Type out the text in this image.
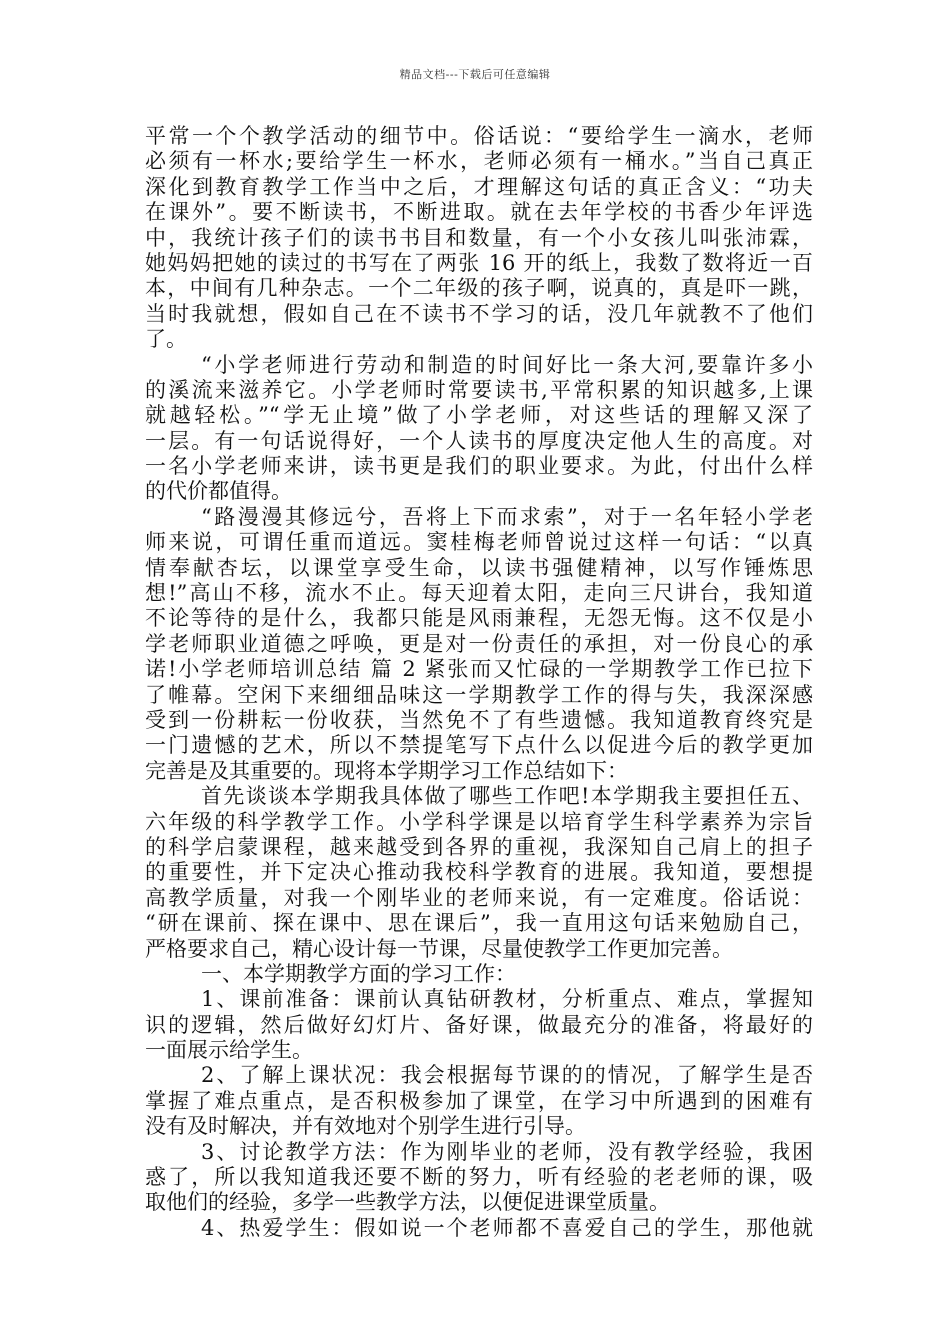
精品文档---下载后可任意编辑
平常一个个教学活动的细节中。俗话说：“要给学生一滴水，老师
必须有一杯水;要给学生一杯水，老师必须有一桶水。”当自己真正
深化到教育教学工作当中之后，才理解这句话的真正含义：“功夫
在课外”。要不断读书，不断进取。就在去年学校的书香少年评选
中，我统计孩子们的读书书目和数量，有一个小女孩儿叫张沛霖，
她妈妈把她的读过的书写在了两张 16 开的纸上，我数了数将近一百
本，中间有几种杂志。一个二年级的孩子啊，说真的，真是吓一跳，
当时我就想，假如自己在不读书不学习的话，没几年就教不了他们
了。
“小学老师进行劳动和制造的时间好比一条大河,要靠许多小
的溪流来滋养它。小学老师时常要读书,平常积累的知识越多,上课
就越轻松。”“学无止境”做了小学老师，对这些话的理解又深了
一层。有一句话说得好，一个人读书的厚度决定他人生的高度。对
一名小学老师来讲，读书更是我们的职业要求。为此，付出什么样
的代价都值得。
“路漫漫其修远兮，吾将上下而求索”，对于一名年轻小学老
师来说，可谓任重而道远。窦桂梅老师曾说过这样一句话：“以真
情奉献杏坛，以课堂享受生命，以读书强健精神，以写作锤炼思
想!”高山不移，流水不止。每天迎着太阳，走向三尺讲台，我知道
不论等待的是什么，我都只能是风雨兼程，无怨无悔。这不仅是小
学老师职业道德之呼唤，更是对一份责任的承担，对一份良心的承
诺!小学老师培训总结 篇 2 紧张而又忙碌的一学期教学工作已拉下
了帷幕。空闲下来细细品味这一学期教学工作的得与失，我深深感
受到一份耕耘一份收获，当然免不了有些遗憾。我知道教育终究是
一门遗憾的艺术，所以不禁提笔写下点什么以促进今后的教学更加
完善是及其重要的。现将本学期学习工作总结如下：
首先谈谈本学期我具体做了哪些工作吧!本学期我主要担任五、
六年级的科学教学工作。小学科学课是以培育学生科学素养为宗旨
的科学启蒙课程，越来越受到各界的重视，我深知自己肩上的担子
的重要性，并下定决心推动我校科学教育的进展。我知道，要想提
高教学质量，对我一个刚毕业的老师来说，有一定难度。俗话说：
“研在课前、探在课中、思在课后”，我一直用这句话来勉励自己，
严格要求自己，精心设计每一节课，尽量使教学工作更加完善。
一、本学期教学方面的学习工作：
1、课前准备：课前认真钻研教材，分析重点、难点，掌握知
识的逻辑，然后做好幻灯片、备好课，做最充分的准备，将最好的
一面展示给学生。
2、了解上课状况：我会根据每节课的的情况，了解学生是否
掌握了难点重点，是否积极参加了课堂，在学习中所遇到的困难有
没有及时解决，并有效地对个别学生进行引导。
3、讨论教学方法：作为刚毕业的老师，没有教学经验，我困
惑了，所以我知道我还要不断的努力，听有经验的老老师的课，吸
取他们的经验，多学一些教学方法，以便促进课堂质量。
4、热爱学生：假如说一个老师都不喜爱自己的学生，那他就
